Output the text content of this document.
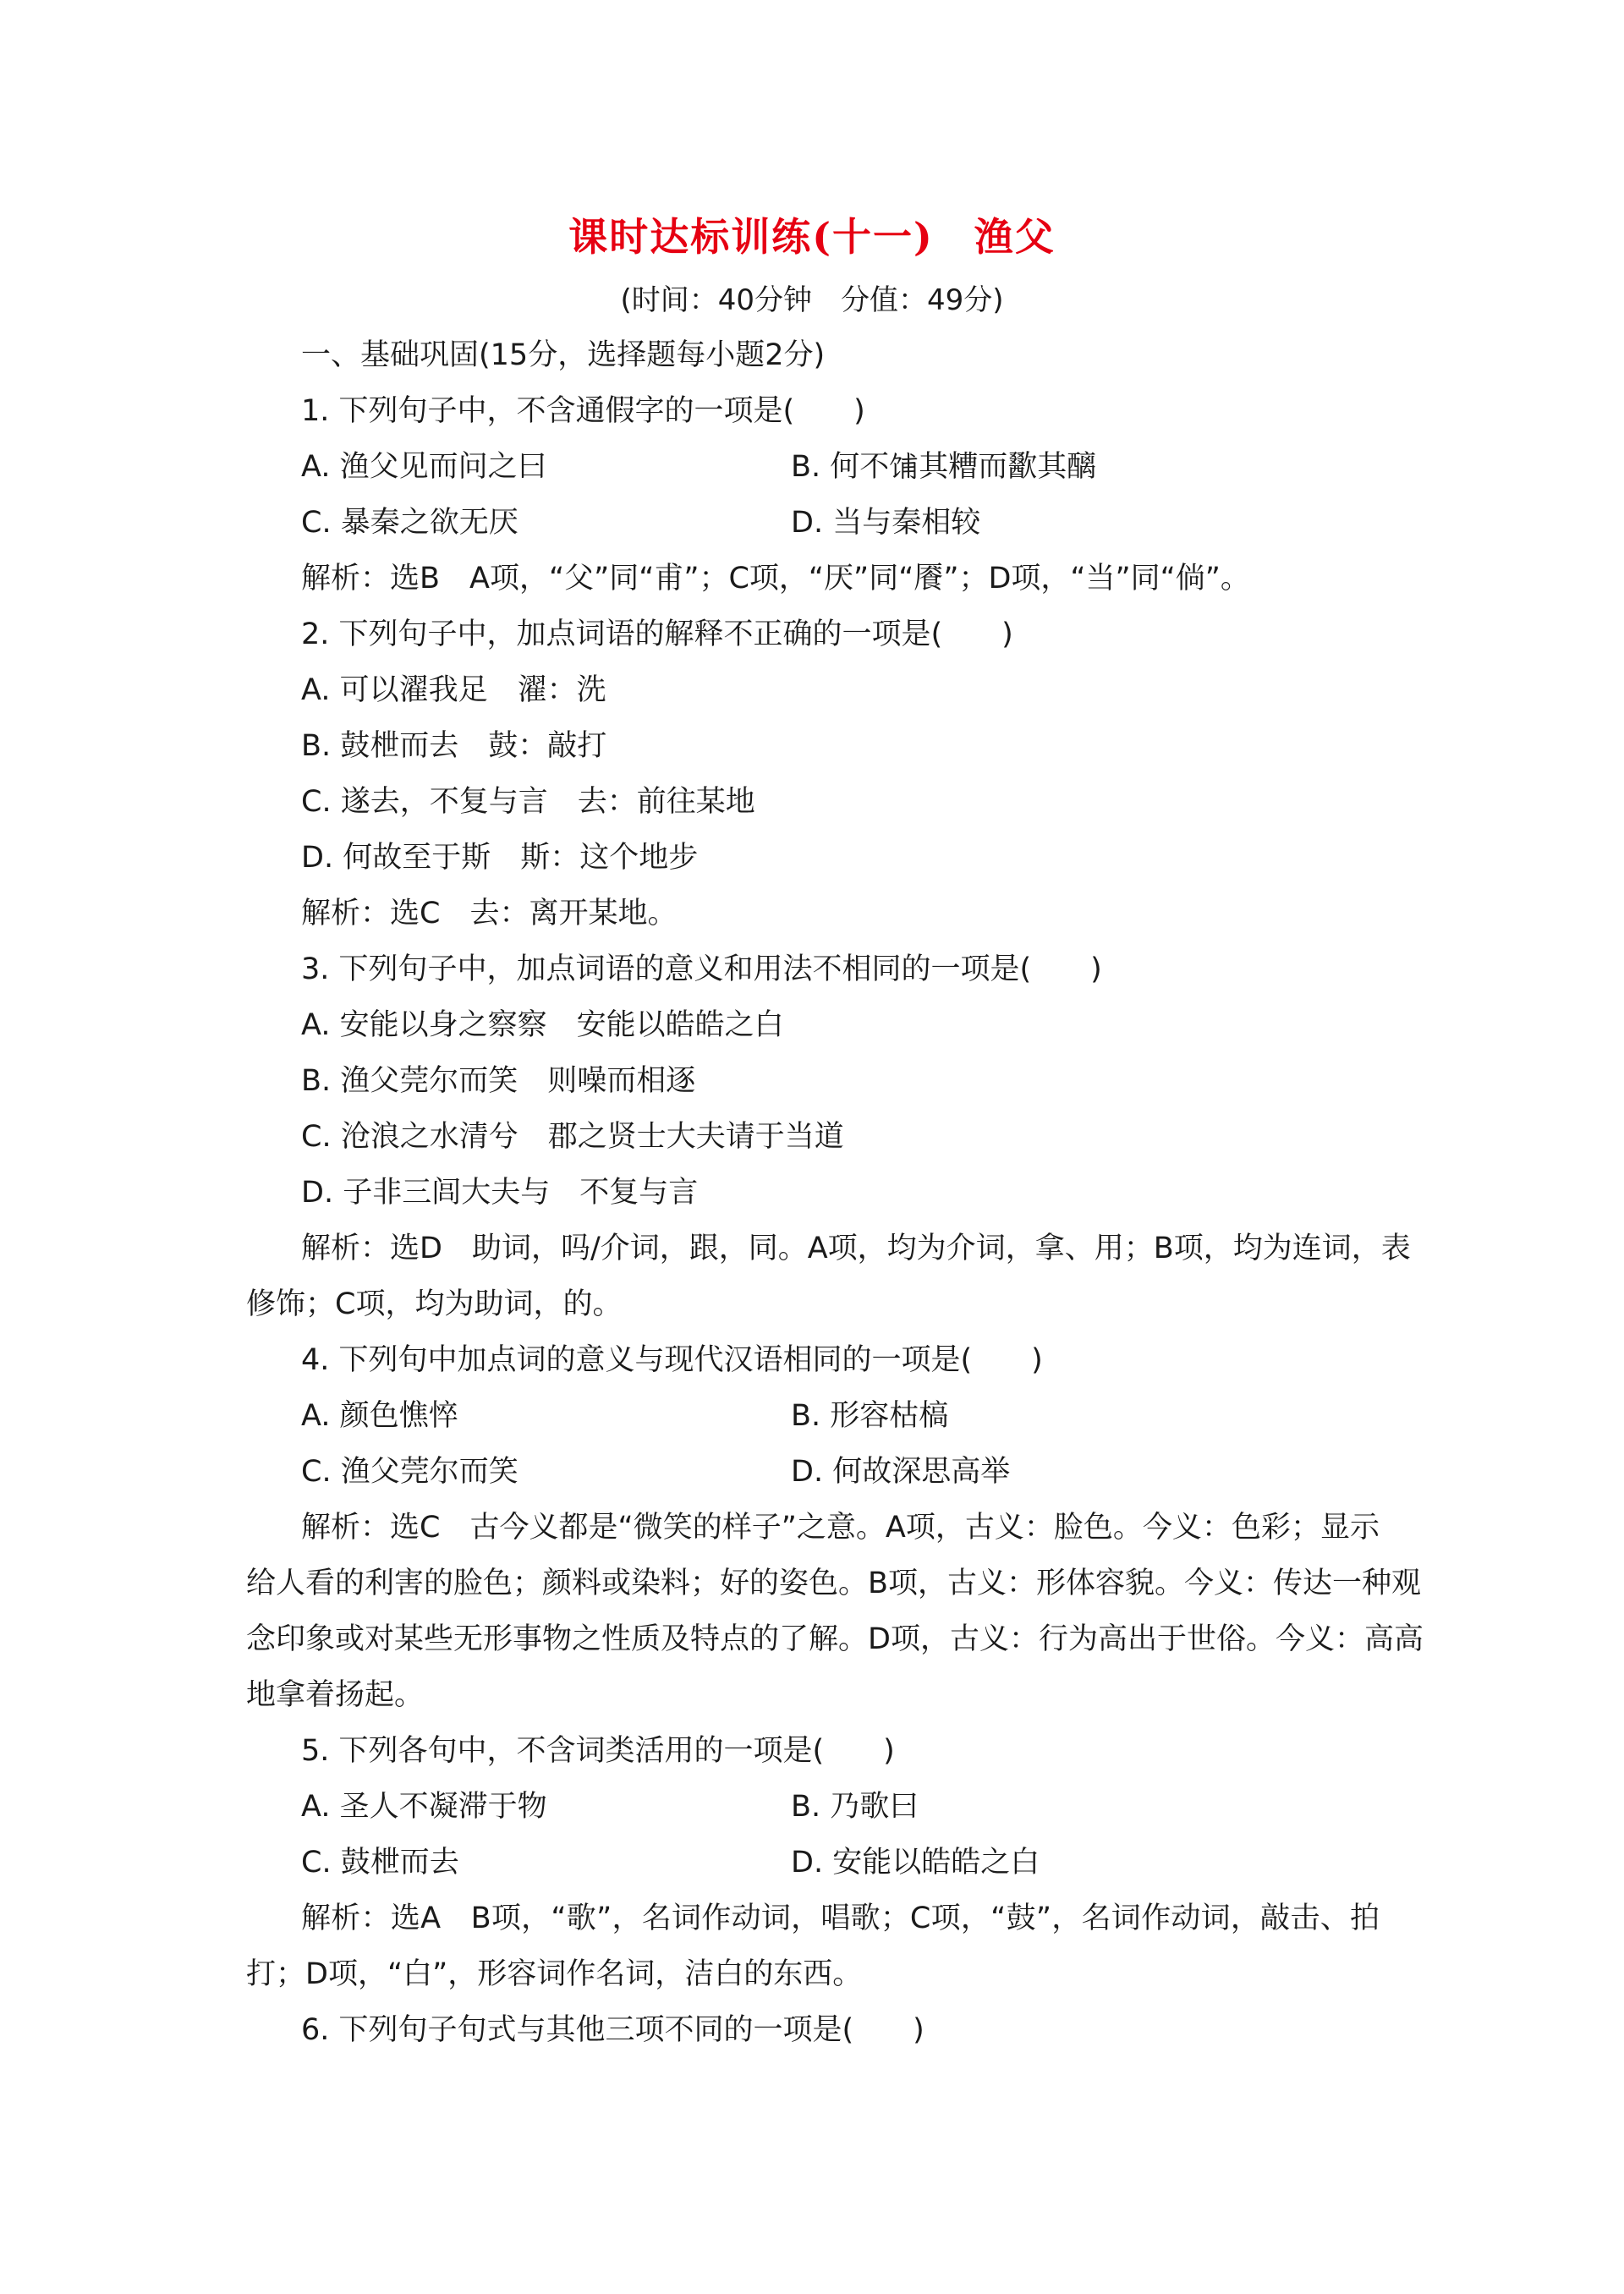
课时达标训练(十一)　渔父
(时间：40分钟　分值：49分)
一、基础巩固(15分，选择题每小题2分)
1. 下列句子中，不含通假字的一项是(　　)
A. 渔父见而问之曰	B. 何不𫗦其糟而歠其醨
C. 暴秦之欲无厌	D. 当与秦相较
解析：选B　A项，“父”同“甫”；C项，“厌”同“餍”；D项，“当”同“倘”。
2. 下列句子中，加点词语的解释不正确的一项是(　　)
A. 可以濯我足　濯：洗
B. 鼓枻而去　鼓：敲打
C. 遂去，不复与言　去：前往某地
D. 何故至于斯　斯：这个地步
解析：选C　去：离开某地。
3. 下列句子中，加点词语的意义和用法不相同的一项是(　　)
A. 安能以身之察察　安能以皓皓之白
B. 渔父莞尔而笑　则噪而相逐
C. 沧浪之水清兮　郡之贤士大夫请于当道
D. 子非三闾大夫与　不复与言
解析：选D　助词，吗/介词，跟，同。A项，均为介词，拿、用；B项，均为连词，表
修饰；C项，均为助词，的。
4. 下列句中加点词的意义与现代汉语相同的一项是(　　)
A. 颜色憔悴	B. 形容枯槁
C. 渔父莞尔而笑	D. 何故深思高举
解析：选C　古今义都是“微笑的样子”之意。A项，古义：脸色。今义：色彩；显示
给人看的利害的脸色；颜料或染料；好的姿色。B项，古义：形体容貌。今义：传达一种观
念印象或对某些无形事物之性质及特点的了解。D项，古义：行为高出于世俗。今义：高高
地拿着扬起。
5. 下列各句中，不含词类活用的一项是(　　)
A. 圣人不凝滞于物	B. 乃歌曰
C. 鼓枻而去	D. 安能以皓皓之白
解析：选A　B项，“歌”，名词作动词，唱歌；C项，“鼓”，名词作动词，敲击、拍
打；D项，“白”，形容词作名词，洁白的东西。
6. 下列句子句式与其他三项不同的一项是(　　)
